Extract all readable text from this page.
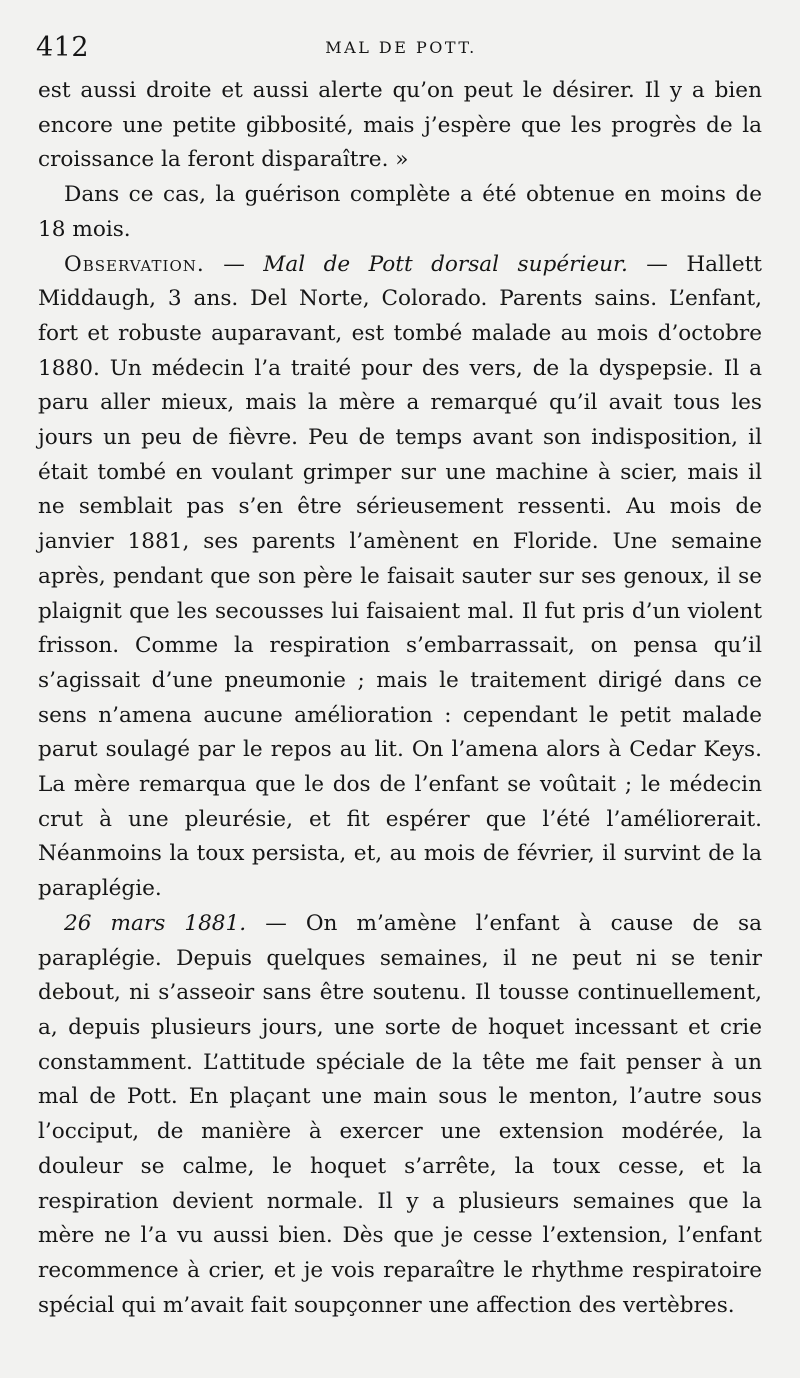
412	MAL DE POTT.

est aussi droite et aussi alerte qu’on peut le désirer. Il y a bien encore une petite gibbosité, mais j’espère que les progrès de la croissance la feront disparaître. »

Dans ce cas, la guérison complète a été obtenue en moins de 18 mois.

Observation. — Mal de Pott dorsal supérieur. — Hallett Middaugh, 3 ans. Del Norte, Colorado. Parents sains. L’enfant, fort et robuste auparavant, est tombé malade au mois d’octobre 1880. Un médecin l’a traité pour des vers, de la dyspepsie. Il a paru aller mieux, mais la mère a remarqué qu’il avait tous les jours un peu de fièvre. Peu de temps avant son indisposition, il était tombé en voulant grimper sur une machine à scier, mais il ne semblait pas s’en être sérieusement ressenti. Au mois de janvier 1881, ses parents l’amènent en Floride. Une semaine après, pendant que son père le faisait sauter sur ses genoux, il se plaignit que les secousses lui faisaient mal. Il fut pris d’un violent frisson. Comme la respiration s’embarrassait, on pensa qu’il s’agissait d’une pneumonie ; mais le traitement dirigé dans ce sens n’amena aucune amélioration : cependant le petit malade parut soulagé par le repos au lit. On l’amena alors à Cedar Keys. La mère remarqua que le dos de l’enfant se voûtait ; le médecin crut à une pleurésie, et fit espérer que l’été l’améliorerait. Néanmoins la toux persista, et, au mois de février, il survint de la paraplégie.

26 mars 1881. — On m’amène l’enfant à cause de sa paraplégie. Depuis quelques semaines, il ne peut ni se tenir debout, ni s’asseoir sans être soutenu. Il tousse continuellement, a, depuis plusieurs jours, une sorte de hoquet incessant et crie constamment. L’attitude spéciale de la tête me fait penser à un mal de Pott. En plaçant une main sous le menton, l’autre sous l’occiput, de manière à exercer une extension modérée, la douleur se calme, le hoquet s’arrête, la toux cesse, et la respiration devient normale. Il y a plusieurs semaines que la mère ne l’a vu aussi bien. Dès que je cesse l’extension, l’enfant recommence à crier, et je vois reparaître le rhythme respiratoire spécial qui m’avait fait soupçonner une affection des vertèbres.
